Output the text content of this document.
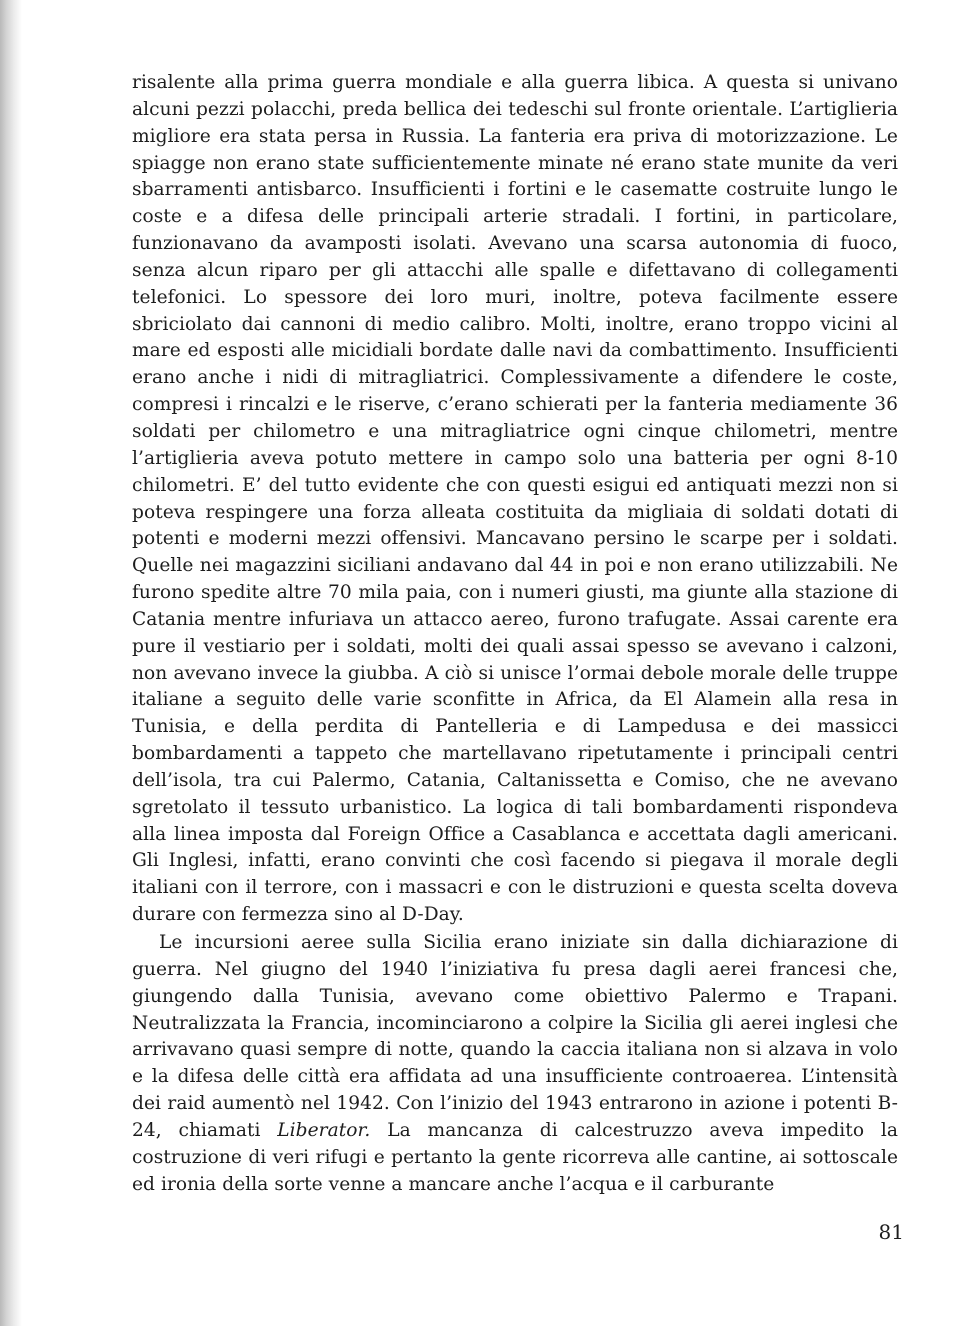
risalente alla prima guerra mondiale e alla guerra libica. A questa si univano alcuni pezzi polacchi, preda bellica dei tedeschi sul fronte orientale. L’artiglieria migliore era stata persa in Russia. La fanteria era priva di motorizzazione. Le spiagge non erano state sufficientemente minate né erano state munite da veri sbarramenti antisbarco. Insufficienti i fortini e le casematte costruite lungo le coste e a difesa delle principali arterie stradali. I fortini, in particolare, funzionavano da avamposti isolati. Avevano una scarsa autonomia di fuoco, senza alcun riparo per gli attacchi alle spalle e difettavano di collegamenti telefonici. Lo spessore dei loro muri, inoltre, poteva facilmente essere sbriciolato dai cannoni di medio calibro. Molti, inoltre, erano troppo vicini al mare ed esposti alle micidiali bordate dalle navi da combattimento. Insufficienti erano anche i nidi di mitragliatrici. Complessivamente a difendere le coste, compresi i rincalzi e le riserve, c’erano schierati per la fanteria mediamente 36 soldati per chilometro e una mitragliatrice ogni cinque chilometri, mentre l’artiglieria aveva potuto mettere in campo solo una batteria per ogni 8-10 chilometri. E’ del tutto evidente che con questi esigui ed antiquati mezzi non si poteva respingere una forza alleata costituita da migliaia di soldati dotati di potenti e moderni mezzi offensivi. Mancavano persino le scarpe per i soldati. Quelle nei magazzini siciliani andavano dal 44 in poi e non erano utilizzabili. Ne furono spedite altre 70 mila paia, con i numeri giusti, ma giunte alla stazione di Catania mentre infuriava un attacco aereo, furono trafugate. Assai carente era pure il vestiario per i soldati, molti dei quali assai spesso se avevano i calzoni, non avevano invece la giubba. A ciò si unisce l’ormai debole morale delle truppe italiane a seguito delle varie sconfitte in Africa, da El Alamein alla resa in Tunisia, e della perdita di Pantelleria e di Lampedusa e dei massicci bombardamenti a tappeto che martellavano ripetutamente i principali centri dell’isola, tra cui Palermo, Catania, Caltanissetta e Comiso, che ne avevano sgretolato il tessuto urbanistico. La logica di tali bombardamenti rispondeva alla linea imposta dal Foreign Office a Casablanca e accettata dagli americani. Gli Inglesi, infatti, erano convinti che così facendo si piegava il morale degli italiani con il terrore, con i massacri e con le distruzioni e questa scelta doveva durare con fermezza sino al D-Day.

Le incursioni aeree sulla Sicilia erano iniziate sin dalla dichiarazione di guerra. Nel giugno del 1940 l’iniziativa fu presa dagli aerei francesi che, giungendo dalla Tunisia, avevano come obiettivo Palermo e Trapani. Neutralizzata la Francia, incominciarono a colpire la Sicilia gli aerei inglesi che arrivavano quasi sempre di notte, quando la caccia italiana non si alzava in volo e la difesa delle città era affidata ad una insufficiente controaerea. L’intensità dei raid aumentò nel 1942. Con l’inizio del 1943 entrarono in azione i potenti B-24, chiamati Liberator. La mancanza di calcestruzzo aveva impedito la costruzione di veri rifugi e pertanto la gente ricorreva alle cantine, ai sottoscale ed ironia della sorte venne a mancare anche l’acqua e il carburante

81
